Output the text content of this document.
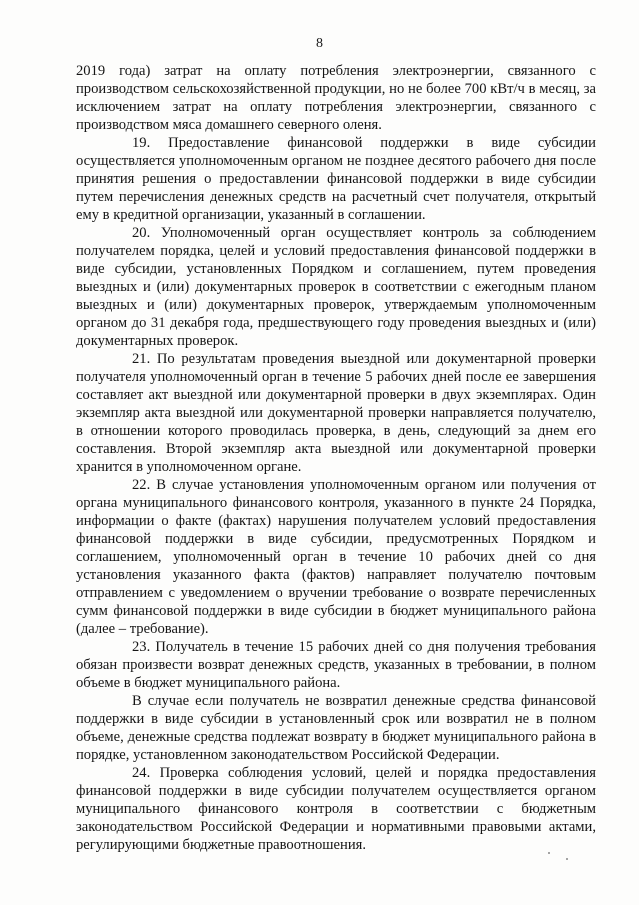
8

2019 года) затрат на оплату потребления электроэнергии, связанного с производством сельскохозяйственной продукции, но не более 700 кВт/ч в месяц, за исключением затрат на оплату потребления электроэнергии, связанного с производством мяса домашнего северного оленя.

19. Предоставление финансовой поддержки в виде субсидии осуществляется уполномоченным органом не позднее десятого рабочего дня после принятия решения о предоставлении финансовой поддержки в виде субсидии путем перечисления денежных средств на расчетный счет получателя, открытый ему в кредитной организации, указанный в соглашении.

20. Уполномоченный орган осуществляет контроль за соблюдением получателем порядка, целей и условий предоставления финансовой поддержки в виде субсидии, установленных Порядком и соглашением, путем проведения выездных и (или) документарных проверок в соответствии с ежегодным планом выездных и (или) документарных проверок, утверждаемым уполномоченным органом до 31 декабря года, предшествующего году проведения выездных и (или) документарных проверок.

21. По результатам проведения выездной или документарной проверки получателя уполномоченный орган в течение 5 рабочих дней после ее завершения составляет акт выездной или документарной проверки в двух экземплярах. Один экземпляр акта выездной или документарной проверки направляется получателю, в отношении которого проводилась проверка, в день, следующий за днем его составления. Второй экземпляр акта выездной или документарной проверки хранится в уполномоченном органе.

22. В случае установления уполномоченным органом или получения от органа муниципального финансового контроля, указанного в пункте 24 Порядка, информации о факте (фактах) нарушения получателем условий предоставления финансовой поддержки в виде субсидии, предусмотренных Порядком и соглашением, уполномоченный орган в течение 10 рабочих дней со дня установления указанного факта (фактов) направляет получателю почтовым отправлением с уведомлением о вручении требование о возврате перечисленных сумм финансовой поддержки в виде субсидии в бюджет муниципального района (далее – требование).

23. Получатель в течение 15 рабочих дней со дня получения требования обязан произвести возврат денежных средств, указанных в требовании, в полном объеме в бюджет муниципального района.

В случае если получатель не возвратил денежные средства финансовой поддержки в виде субсидии в установленный срок или возвратил не в полном объеме, денежные средства подлежат возврату в бюджет муниципального района в порядке, установленном законодательством Российской Федерации.

24. Проверка соблюдения условий, целей и порядка предоставления финансовой поддержки в виде субсидии получателем осуществляется органом муниципального финансового контроля в соответствии с бюджетным законодательством Российской Федерации и нормативными правовыми актами, регулирующими бюджетные правоотношения.
